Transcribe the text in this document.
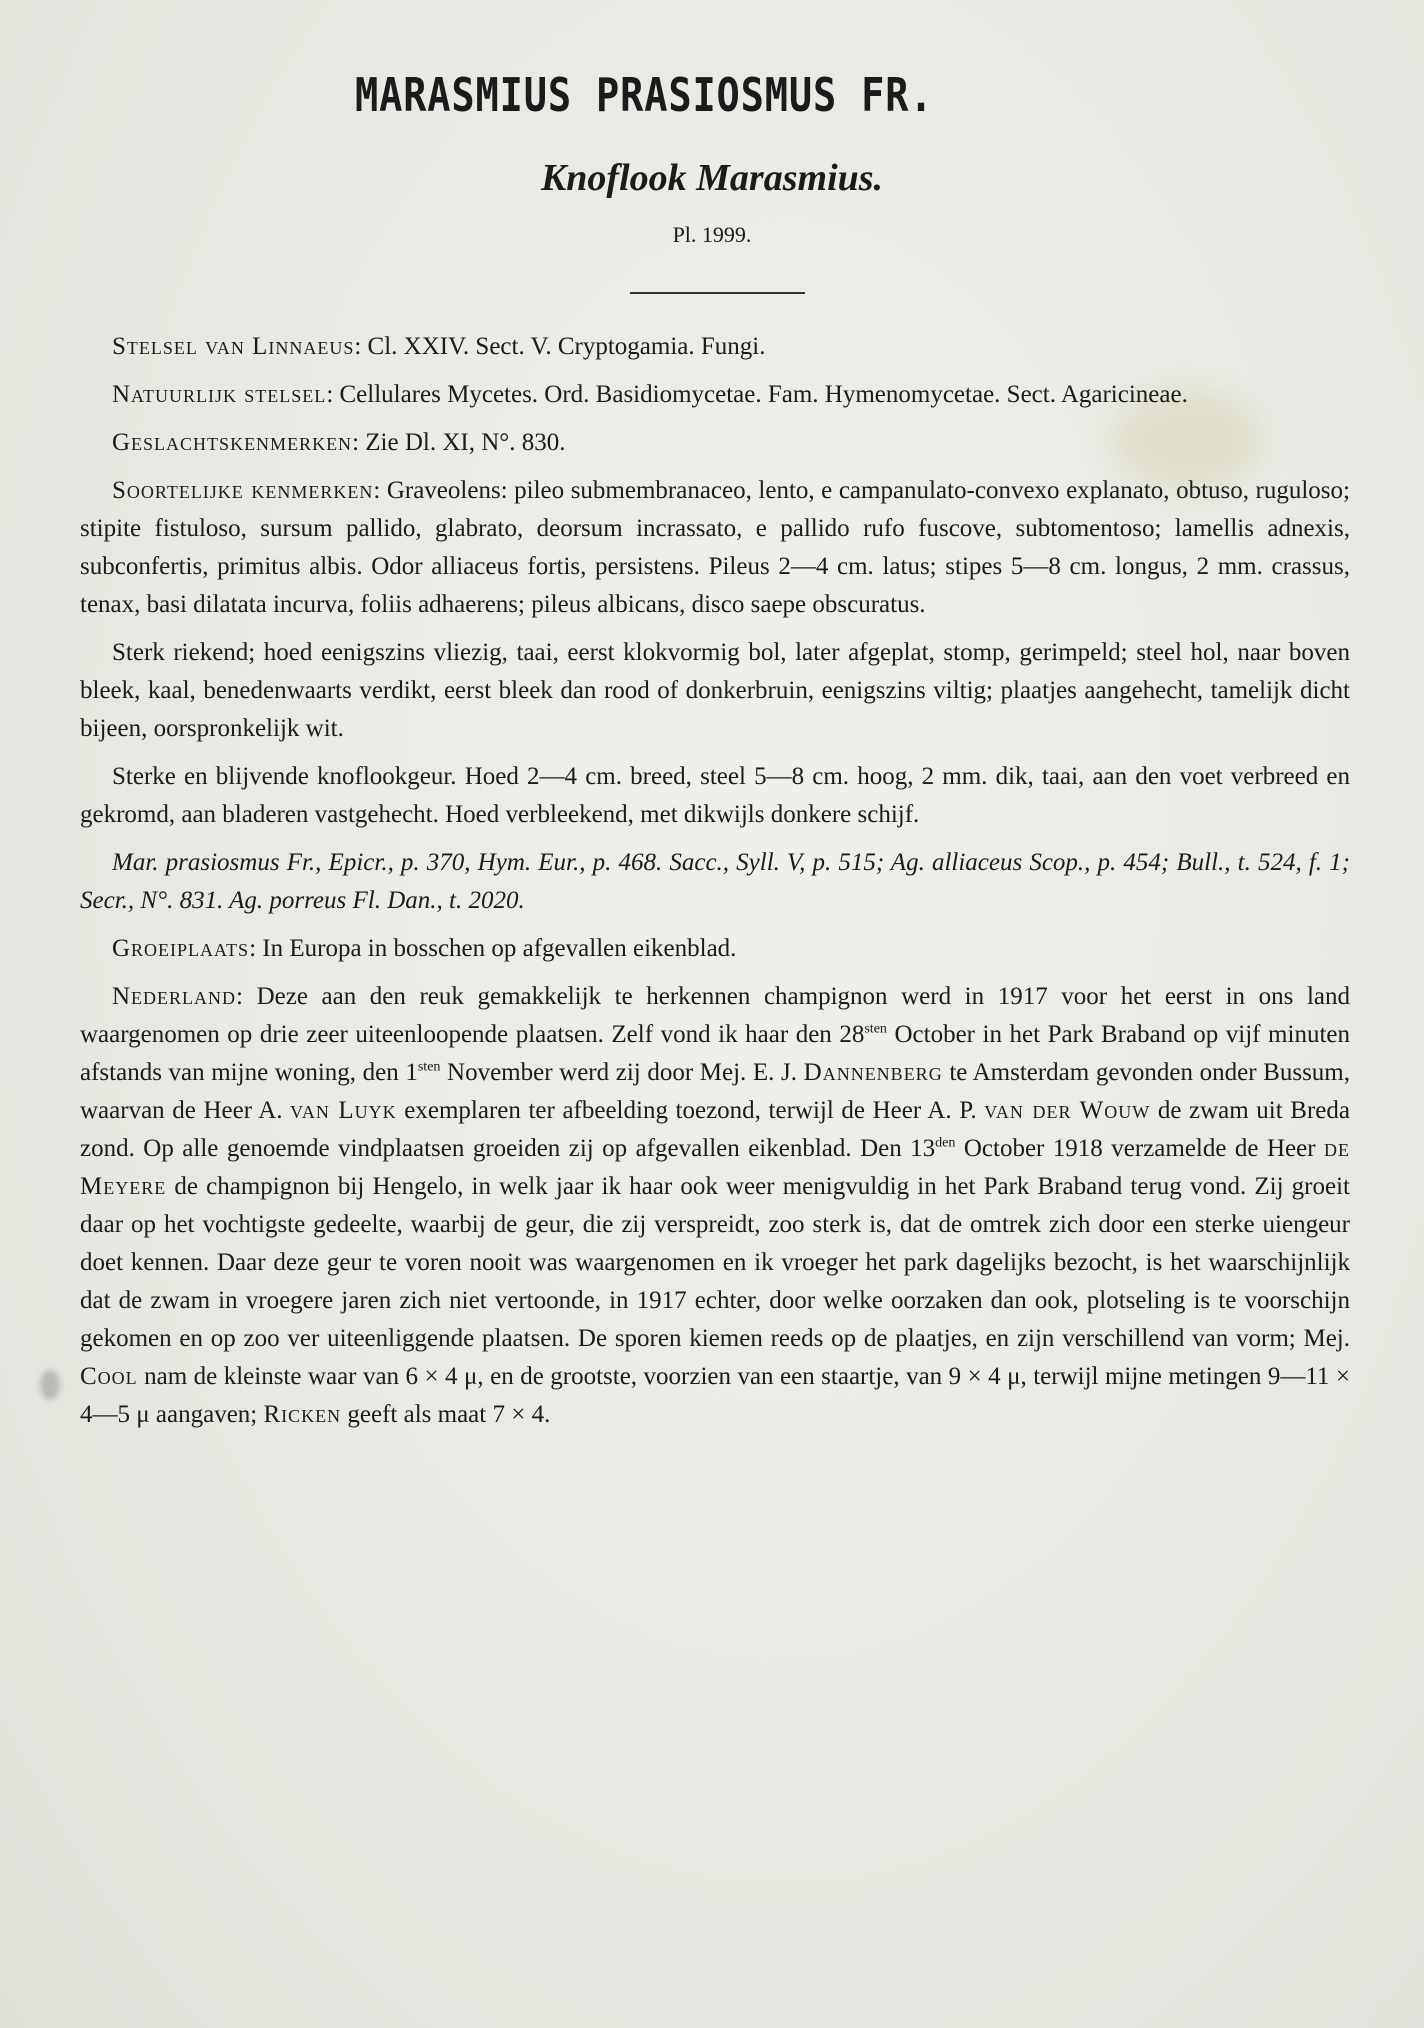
MARASMIUS PRASIOSMUS FR.
Knoflook Marasmius.
Pl. 1999.

Stelsel van Linnaeus: Cl. XXIV. Sect. V. Cryptogamia. Fungi.

Natuurlijk stelsel: Cellulares Mycetes. Ord. Basidiomycetae. Fam. Hymenomycetae. Sect. Agaricineae.

Geslachtskenmerken: Zie Dl. XI, N°. 830.

Soortelijke kenmerken: Graveolens: pileo submembranaceo, lento, e campanulato-convexo explanato, obtuso, ruguloso; stipite fistuloso, sursum pallido, glabrato, deorsum incrassato, e pallido rufo fuscove, subtomentoso; lamellis adnexis, subconfertis, primitus albis. Odor alliaceus fortis, persistens. Pileus 2—4 cm. latus; stipes 5—8 cm. longus, 2 mm. crassus, tenax, basi dilatata incurva, foliis adhaerens; pileus albicans, disco saepe obscuratus.

Sterk riekend; hoed eenigszins vliezig, taai, eerst klokvormig bol, later afgeplat, stomp, gerimpeld; steel hol, naar boven bleek, kaal, benedenwaarts verdikt, eerst bleek dan rood of donkerbruin, eenigszins viltig; plaatjes aangehecht, tamelijk dicht bijeen, oorspronkelijk wit.

Sterke en blijvende knoflookgeur. Hoed 2—4 cm. breed, steel 5—8 cm. hoog, 2 mm. dik, taai, aan den voet verbreed en gekromd, aan bladeren vastgehecht. Hoed verbleekend, met dikwijls donkere schijf.

Mar. prasiosmus Fr., Epicr., p. 370, Hym. Eur., p. 468. Sacc., Syll. V, p. 515; Ag. alliaceus Scop., p. 454; Bull., t. 524, f. 1; Secr., N°. 831. Ag. porreus Fl. Dan., t. 2020.

Groeiplaats: In Europa in bosschen op afgevallen eikenblad.

Nederland: Deze aan den reuk gemakkelijk te herkennen champignon werd in 1917 voor het eerst in ons land waargenomen op drie zeer uiteenloopende plaatsen. Zelf vond ik haar den $28^{sten}$ October in het Park Braband op vijf minuten afstands van mijne woning, den $1^{sten}$ November werd zij door Mej. E. J. Dannenberg te Amsterdam gevonden onder Bussum, waarvan de Heer A. van Luyk exemplaren ter afbeelding toezond, terwijl de Heer A. P. van der Wouw de zwam uit Breda zond. Op alle genoemde vindplaatsen groeiden zij op afgevallen eikenblad. Den $13^{den}$ October 1918 verzamelde de Heer de Meyere de champignon bij Hengelo, in welk jaar ik haar ook weer menigvuldig in het Park Braband terug vond. Zij groeit daar op het vochtigste gedeelte, waarbij de geur, die zij verspreidt, zoo sterk is, dat de omtrek zich door een sterke uiengeur doet kennen. Daar deze geur te voren nooit was waargenomen en ik vroeger het park dagelijks bezocht, is het waarschijnlijk dat de zwam in vroegere jaren zich niet vertoonde, in 1917 echter, door welke oorzaken dan ook, plotseling is te voorschijn gekomen en op zoo ver uiteenliggende plaatsen. De sporen kiemen reeds op de plaatjes, en zijn verschillend van vorm; Mej. Cool nam de kleinste waar van 6 × 4 μ, en de grootste, voorzien van een staartje, van 9 × 4 μ, terwijl mijne metingen 9—11 × 4—5 μ aangaven; Ricken geeft als maat 7 × 4.
